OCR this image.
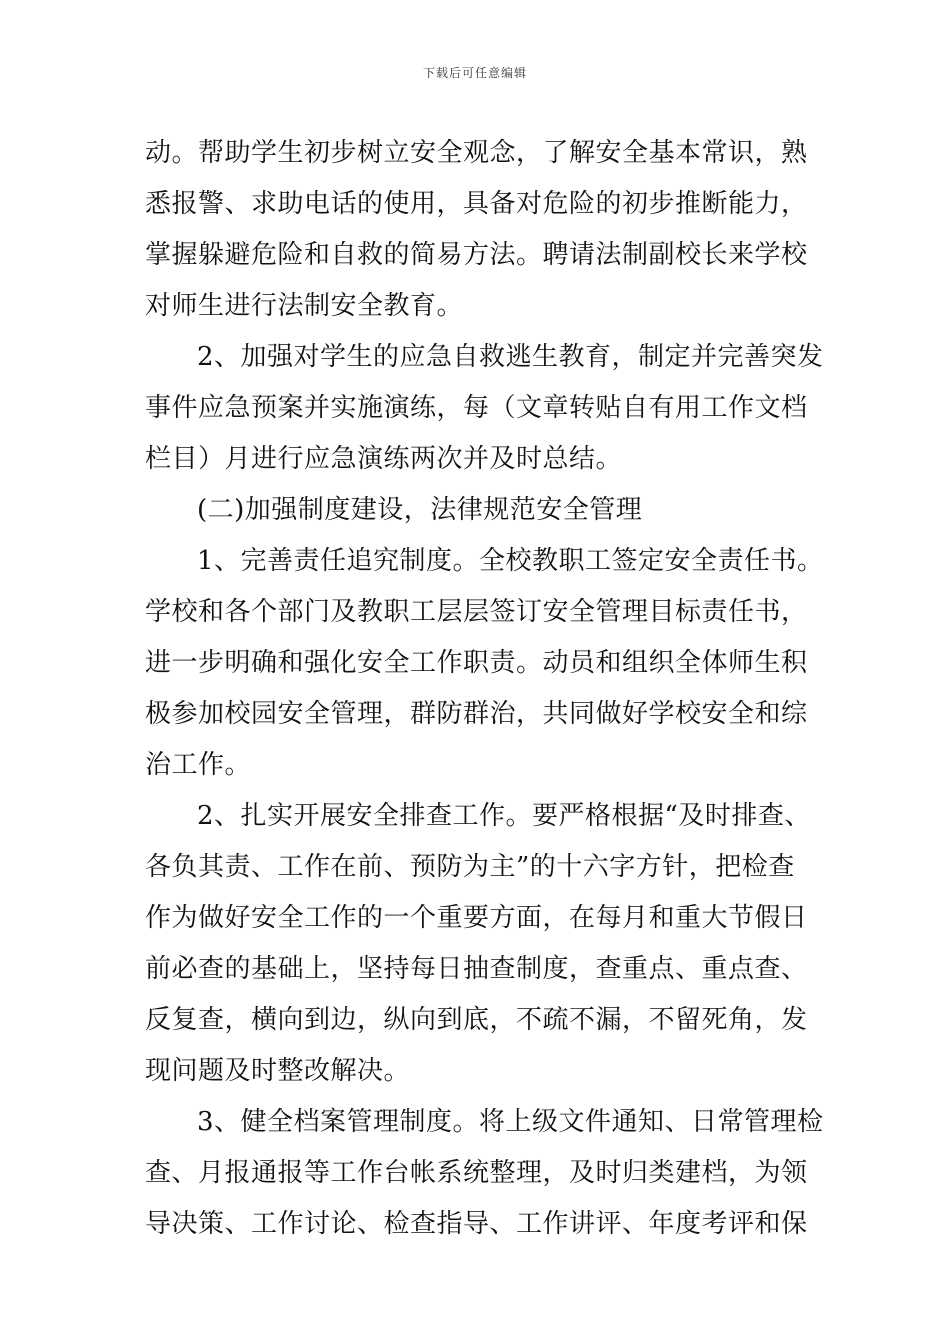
下载后可任意编辑
动。帮助学生初步树立安全观念，了解安全基本常识，熟
悉报警、求助电话的使用，具备对危险的初步推断能力，
掌握躲避危险和自救的简易方法。聘请法制副校长来学校
对师生进行法制安全教育。
2、加强对学生的应急自救逃生教育，制定并完善突发
事件应急预案并实施演练，每（文章转贴自有用工作文档
栏目）月进行应急演练两次并及时总结。
(二)加强制度建设，法律规范安全管理
1、完善责任追究制度。全校教职工签定安全责任书。
学校和各个部门及教职工层层签订安全管理目标责任书，
进一步明确和强化安全工作职责。动员和组织全体师生积
极参加校园安全管理，群防群治，共同做好学校安全和综
治工作。
2、扎实开展安全排查工作。要严格根据“及时排查、
各负其责、工作在前、预防为主”的十六字方针，把检查
作为做好安全工作的一个重要方面，在每月和重大节假日
前必查的基础上，坚持每日抽查制度，查重点、重点查、
反复查，横向到边，纵向到底，不疏不漏，不留死角，发
现问题及时整改解决。
3、健全档案管理制度。将上级文件通知、日常管理检
查、月报通报等工作台帐系统整理，及时归类建档，为领
导决策、工作讨论、检查指导、工作讲评、年度考评和保
